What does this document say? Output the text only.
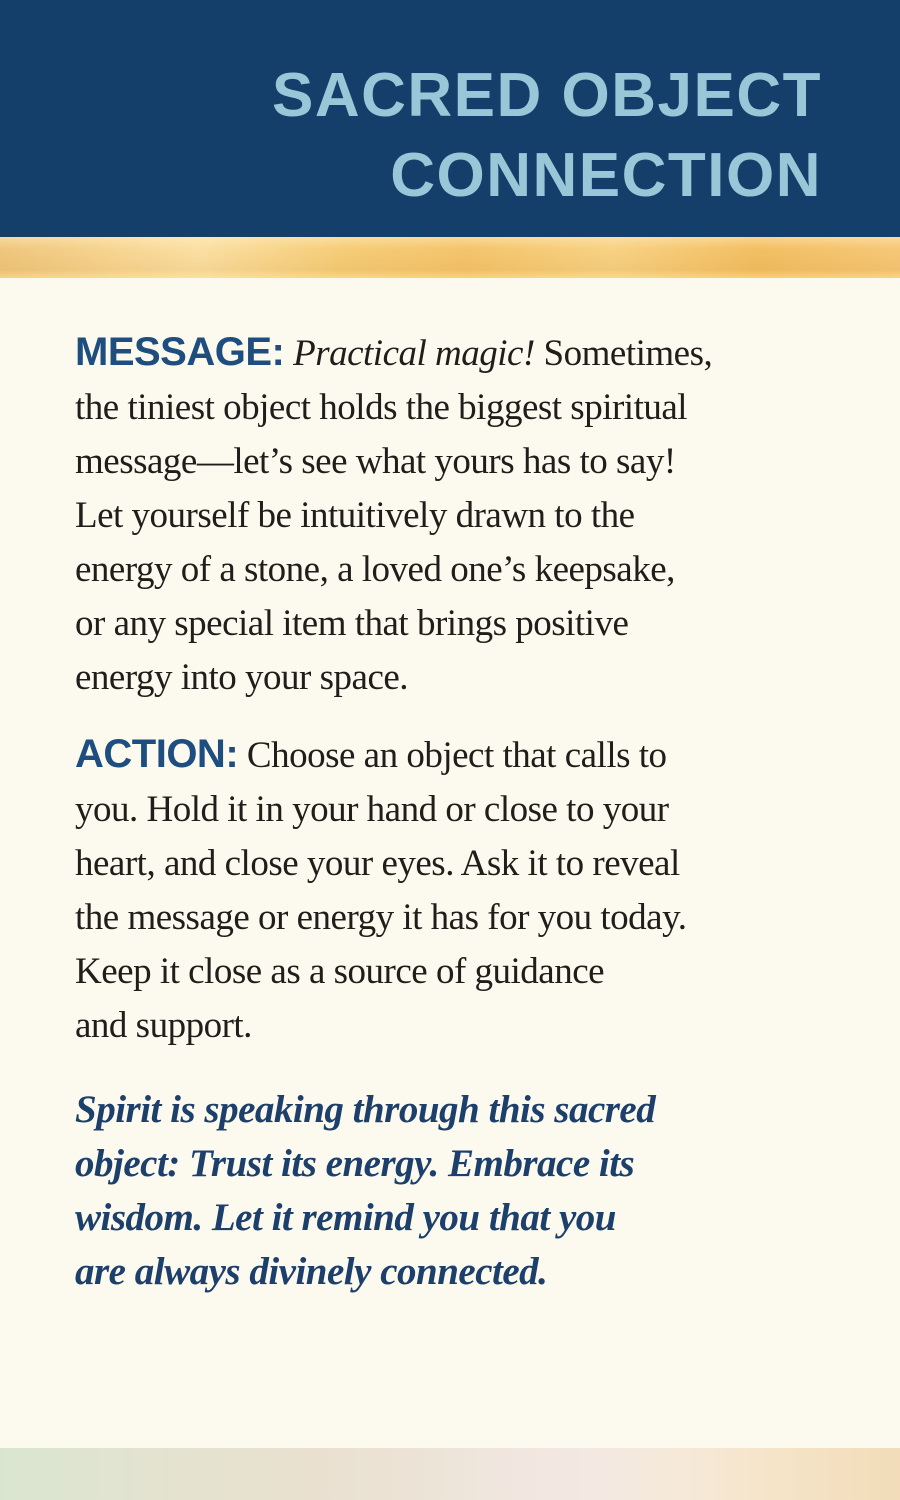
SACRED OBJECT
CONNECTION
MESSAGE: Practical magic! Sometimes,
the tiniest object holds the biggest spiritual
message—let’s see what yours has to say!
Let yourself be intuitively drawn to the
energy of a stone, a loved one’s keepsake,
or any special item that brings positive
energy into your space.
ACTION: Choose an object that calls to
you. Hold it in your hand or close to your
heart, and close your eyes. Ask it to reveal
the message or energy it has for you today.
Keep it close as a source of guidance
and support.
Spirit is speaking through this sacred
object: Trust its energy. Embrace its
wisdom. Let it remind you that you
are always divinely connected.
